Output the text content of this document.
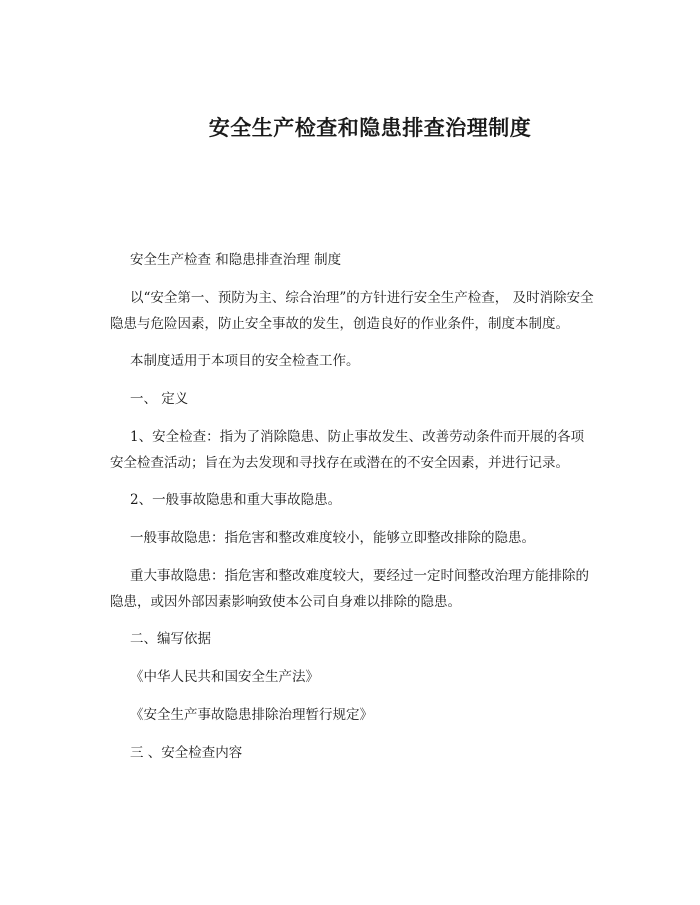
安全生产检查和隐患排查治理制度
安全生产检查 和隐患排查治理 制度
以“安全第一、预防为主、综合治理”的方针进行安全生产检查， 及时消除安全
隐患与危险因素，防止安全事故的发生，创造良好的作业条件，制度本制度。
本制度适用于本项目的安全检查工作。
一、 定义
1、安全检查：指为了消除隐患、防止事故发生、改善劳动条件而开展的各项
安全检查活动；旨在为去发现和寻找存在或潜在的不安全因素，并进行记录。
2、一般事故隐患和重大事故隐患。
一般事故隐患：指危害和整改难度较小，能够立即整改排除的隐患。
重大事故隐患：指危害和整改难度较大，要经过一定时间整改治理方能排除的
隐患，或因外部因素影响致使本公司自身难以排除的隐患。
二、编写依据
《中华人民共和国安全生产法》
《安全生产事故隐患排除治理暂行规定》
三 、安全检查内容
